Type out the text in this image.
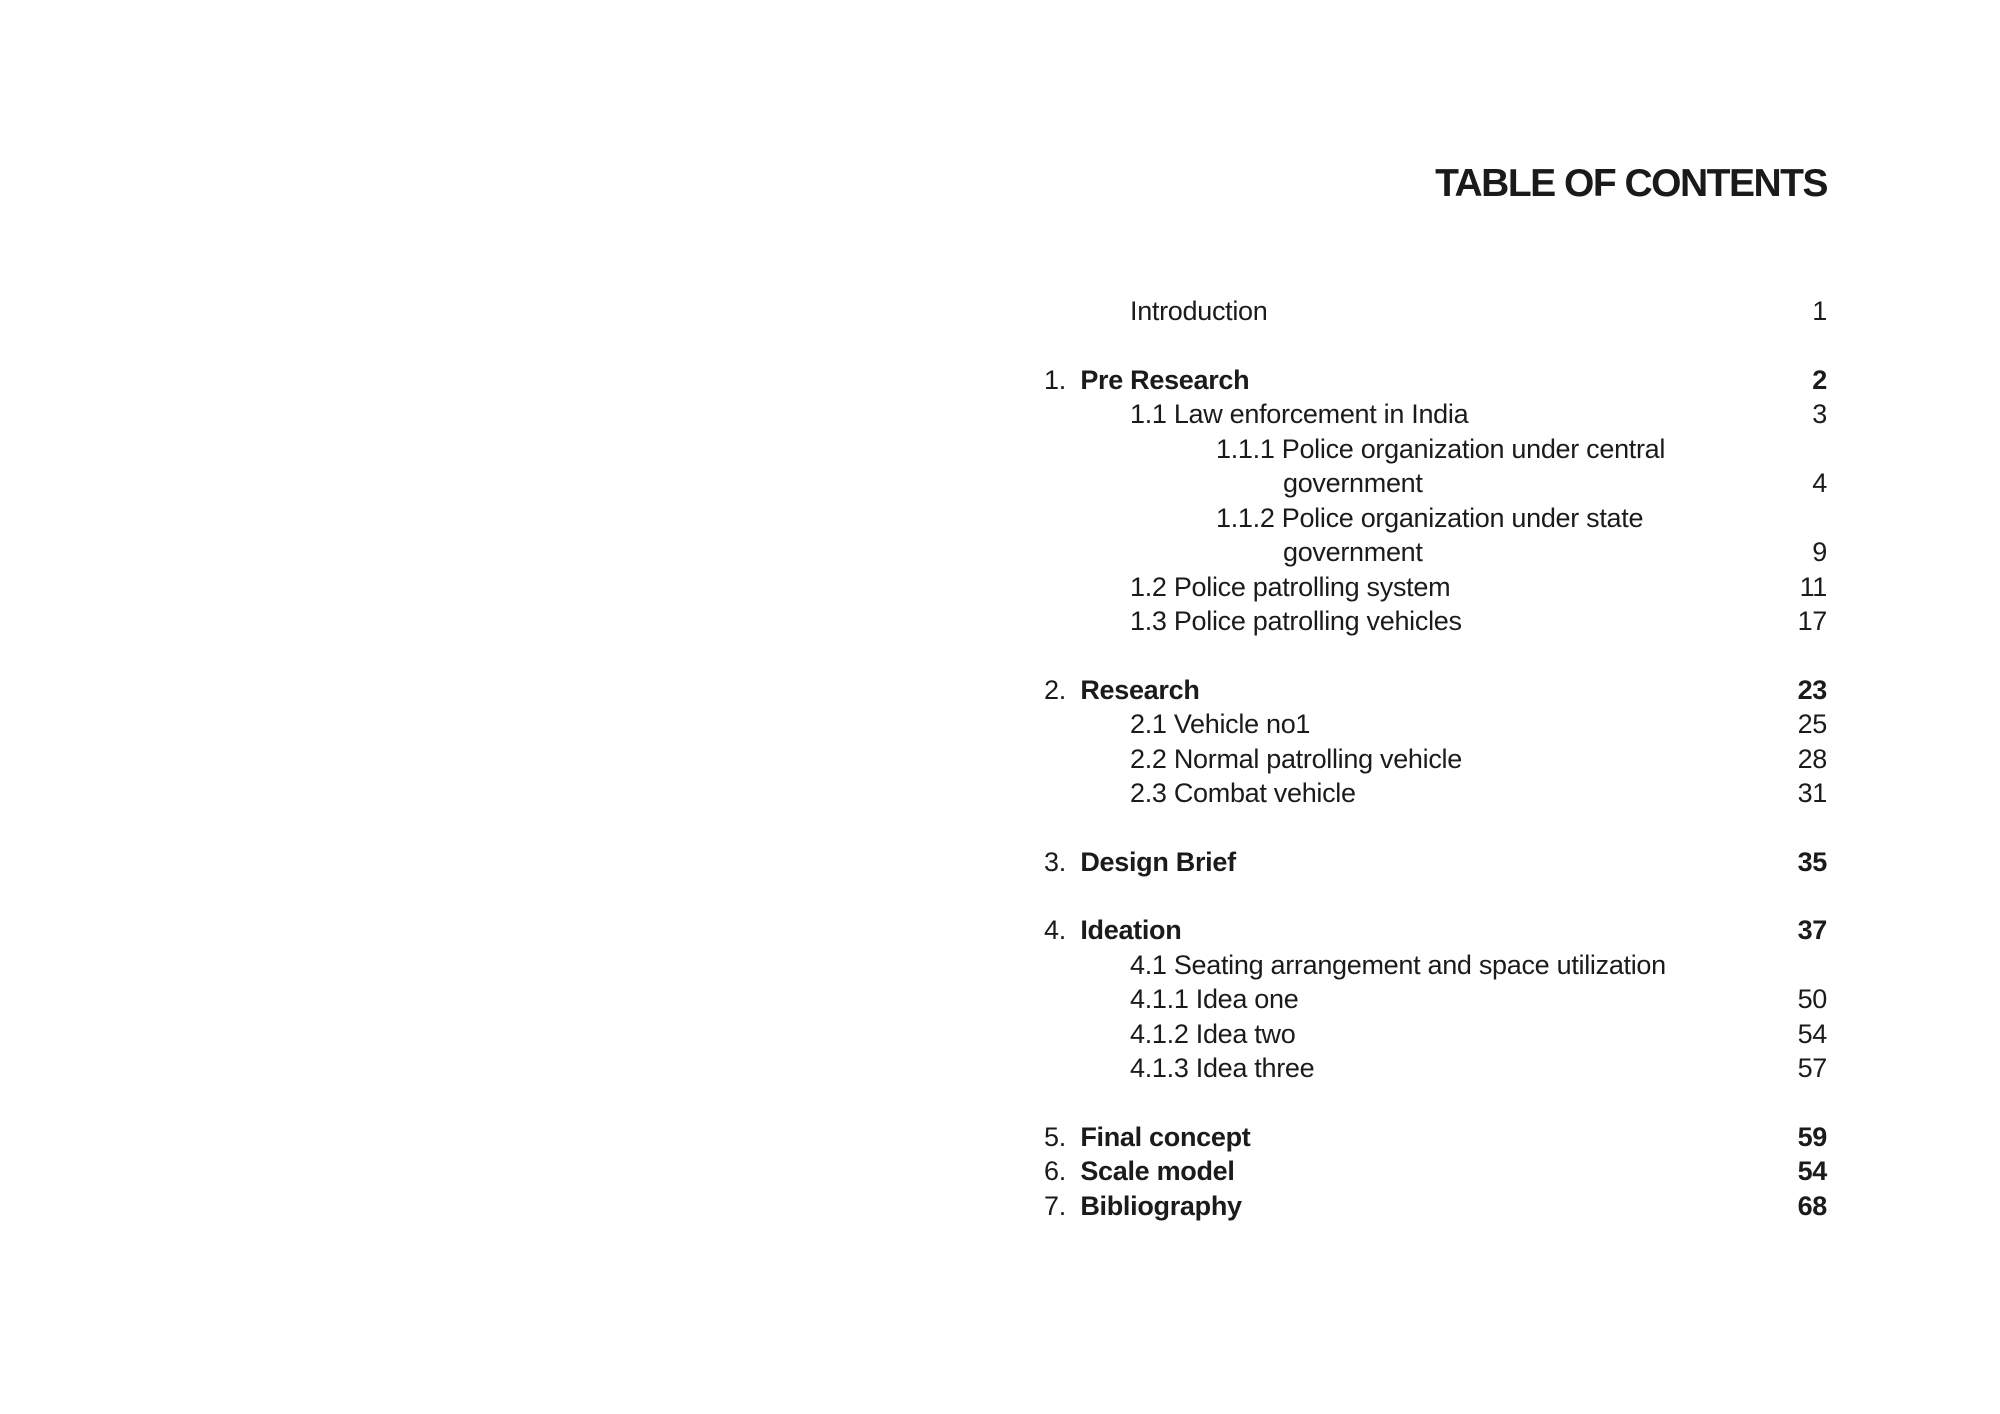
TABLE OF CONTENTS
Introduction	1
1.  Pre Research	2
1.1 Law enforcement in India	3
1.1.1 Police organization under central
government	4
1.1.2 Police organization under state
government	9
1.2 Police patrolling system	11
1.3 Police patrolling vehicles	17
2.  Research	23
2.1 Vehicle no1	25
2.2 Normal patrolling vehicle	28
2.3 Combat vehicle	31
3.  Design Brief	35
4.  Ideation	37
4.1 Seating arrangement and space utilization
4.1.1 Idea one	50
4.1.2 Idea two	54
4.1.3 Idea three	57
5.  Final concept	59
6.  Scale model	54
7.  Bibliography	68
